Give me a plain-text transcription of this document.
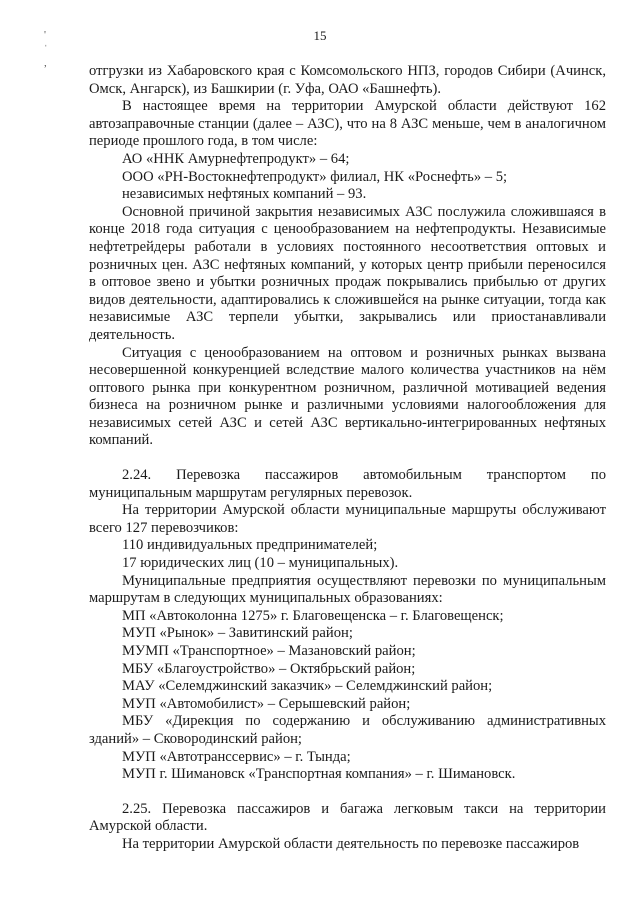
15
'
ˈ
,	отгрузки из Хабаровского края с Комсомольского НПЗ, городов Сибири (Ачинск, Омск, Ангарск), из Башкирии (г. Уфа, ОАО «Башнефть).

В настоящее время на территории Амурской области действуют 162 автозаправочные станции (далее – АЗС), что на 8 АЗС меньше, чем в аналогичном периоде прошлого года, в том числе:

АО «ННК Амурнефтепродукт» – 64;

ООО «РН-Востокнефтепродукт» филиал, НК «Роснефть» – 5;

независимых нефтяных компаний – 93.

Основной причиной закрытия независимых АЗС послужила сложившаяся в конце 2018 года ситуация с ценообразованием на нефтепродукты. Независимые нефтетрейдеры работали в условиях постоянного несоответствия оптовых и розничных цен. АЗС нефтяных компаний, у которых центр прибыли переносился в оптовое звено и убытки розничных продаж покрывались прибылью от других видов деятельности, адаптировались к сложившейся на рынке ситуации, тогда как независимые АЗС терпели убытки, закрывались или приостанавливали деятельность.

Ситуация с ценообразованием на оптовом и розничных рынках вызвана несовершенной конкуренцией вследствие малого количества участников на нём оптового рынка при конкурентном розничном, различной мотивацией ведения бизнеса на розничном рынке и различными условиями налогообложения для независимых сетей АЗС и сетей АЗС вертикально-интегрированных нефтяных компаний.

2.24. Перевозка пассажиров автомобильным транспортом по муниципальным маршрутам регулярных перевозок.

На территории Амурской области муниципальные маршруты обслуживают всего 127 перевозчиков:

110 индивидуальных предпринимателей;

17 юридических лиц (10 – муниципальных).

Муниципальные предприятия осуществляют перевозки по муниципальным маршрутам в следующих муниципальных образованиях:

МП «Автоколонна 1275» г. Благовещенска – г. Благовещенск;

МУП «Рынок» – Завитинский район;

МУМП «Транспортное» – Мазановский район;

МБУ «Благоустройство» – Октябрьский район;

МАУ «Селемджинский заказчик» – Селемджинский район;

МУП «Автомобилист» – Серышевский район;

МБУ «Дирекция по содержанию и обслуживанию административных зданий» – Сковородинский район;

МУП «Автотранссервис» – г. Тында;

МУП г. Шимановск «Транспортная компания» – г. Шимановск.

2.25. Перевозка пассажиров и багажа легковым такси на территории Амурской области.

На территории Амурской области деятельность по перевозке пассажиров
